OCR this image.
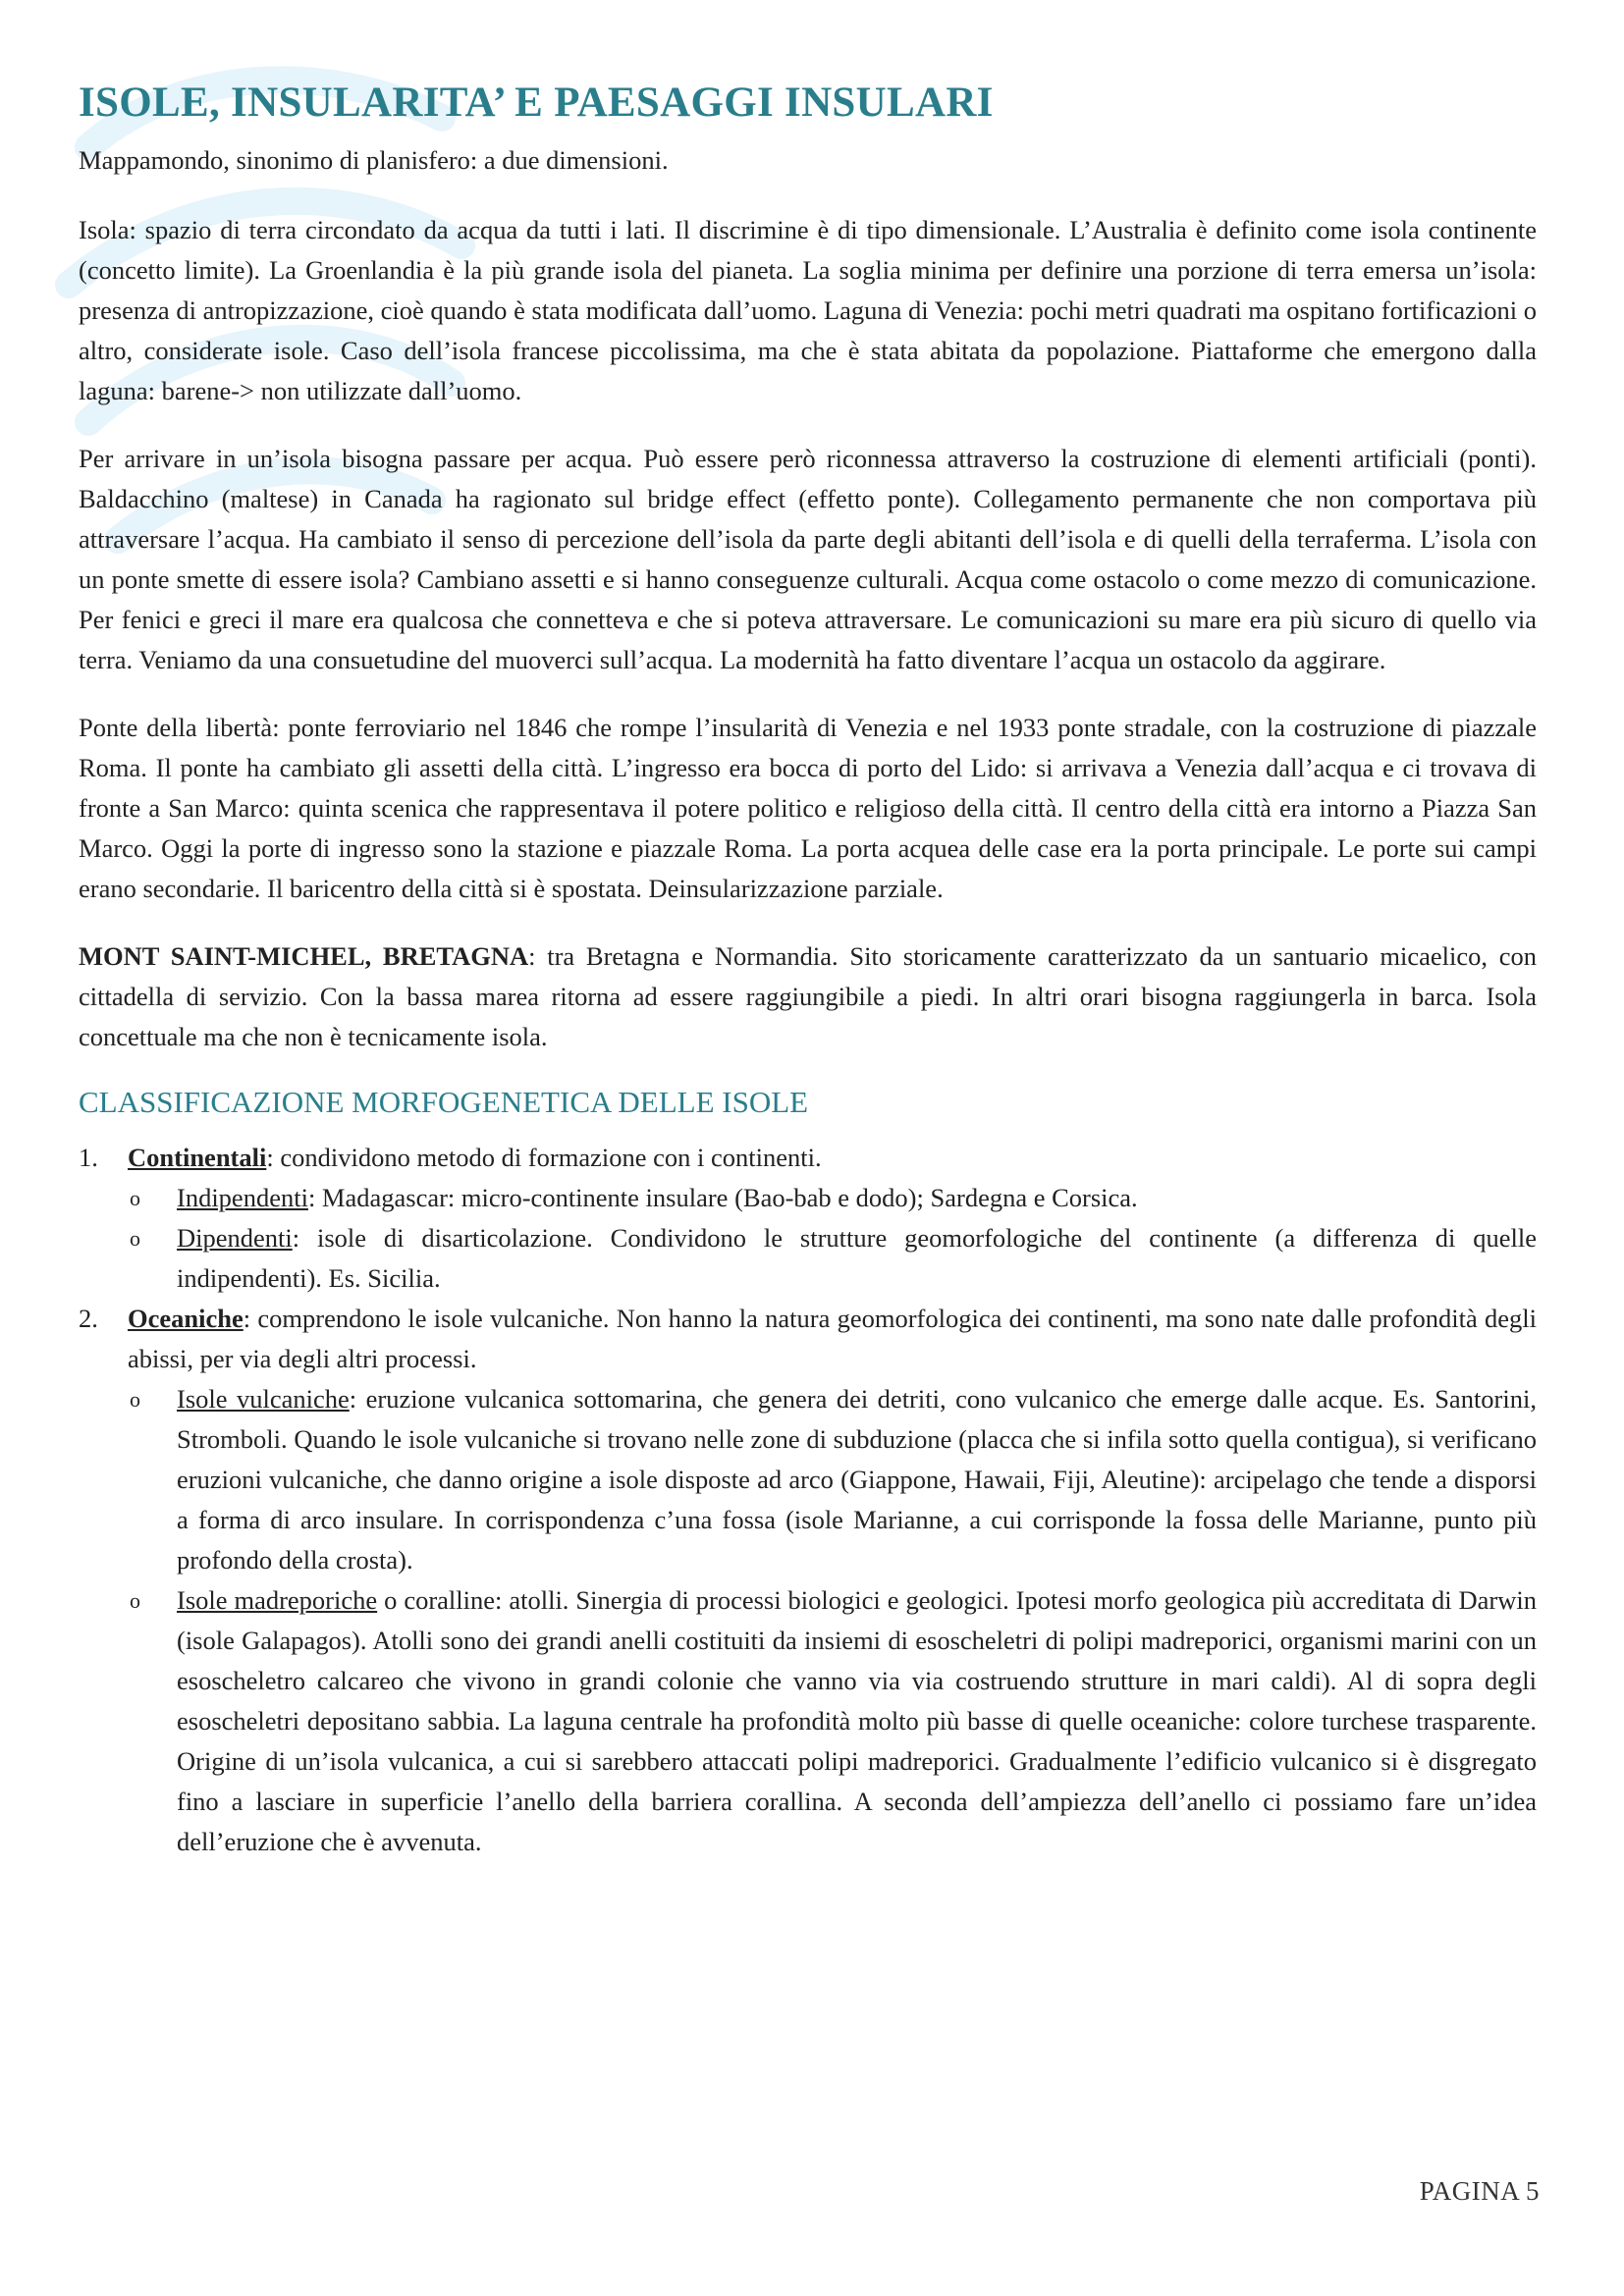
ISOLE, INSULARITA’ E PAESAGGI INSULARI

Mappamondo, sinonimo di planisfero: a due dimensioni.

Isola: spazio di terra circondato da acqua da tutti i lati. Il discrimine è di tipo dimensionale. L’Australia è definito come isola continente (concetto limite). La Groenlandia è la più grande isola del pianeta. La soglia minima per definire una porzione di terra emersa un’isola: presenza di antropizzazione, cioè quando è stata modificata dall’uomo. Laguna di Venezia: pochi metri quadrati ma ospitano fortificazioni o altro, considerate isole. Caso dell’isola francese piccolissima, ma che è stata abitata da popolazione. Piattaforme che emergono dalla laguna: barene-> non utilizzate dall’uomo.

Per arrivare in un’isola bisogna passare per acqua. Può essere però riconnessa attraverso la costruzione di elementi artificiali (ponti). Baldacchino (maltese) in Canada ha ragionato sul bridge effect (effetto ponte). Collegamento permanente che non comportava più attraversare l’acqua. Ha cambiato il senso di percezione dell’isola da parte degli abitanti dell’isola e di quelli della terraferma. L’isola con un ponte smette di essere isola? Cambiano assetti e si hanno conseguenze culturali. Acqua come ostacolo o come mezzo di comunicazione. Per fenici e greci il mare era qualcosa che connetteva e che si poteva attraversare. Le comunicazioni su mare era più sicuro di quello via terra. Veniamo da una consuetudine del muoverci sull’acqua. La modernità ha fatto diventare l’acqua un ostacolo da aggirare.

Ponte della libertà: ponte ferroviario nel 1846 che rompe l’insularità di Venezia e nel 1933 ponte stradale, con la costruzione di piazzale Roma. Il ponte ha cambiato gli assetti della città. L’ingresso era bocca di porto del Lido: si arrivava a Venezia dall’acqua e ci trovava di fronte a San Marco: quinta scenica che rappresentava il potere politico e religioso della città. Il centro della città era intorno a Piazza San Marco. Oggi la porte di ingresso sono la stazione e piazzale Roma. La porta acquea delle case era la porta principale. Le porte sui campi erano secondarie. Il baricentro della città si è spostata. Deinsularizzazione parziale.

MONT SAINT-MICHEL, BRETAGNA: tra Bretagna e Normandia. Sito storicamente caratterizzato da un santuario micaelico, con cittadella di servizio. Con la bassa marea ritorna ad essere raggiungibile a piedi. In altri orari bisogna raggiungerla in barca. Isola concettuale ma che non è tecnicamente isola.

CLASSIFICAZIONE MORFOGENETICA DELLE ISOLE
1. Continentali: condividono metodo di formazione con i continenti.
o Indipendenti: Madagascar: micro-continente insulare (Bao-bab e dodo); Sardegna e Corsica.
o Dipendenti: isole di disarticolazione. Condividono le strutture geomorfologiche del continente (a differenza di quelle indipendenti). Es. Sicilia.
2. Oceaniche: comprendono le isole vulcaniche. Non hanno la natura geomorfologica dei continenti, ma sono nate dalle profondità degli abissi, per via degli altri processi.
o Isole vulcaniche: eruzione vulcanica sottomarina, che genera dei detriti, cono vulcanico che emerge dalle acque. Es. Santorini, Stromboli. Quando le isole vulcaniche si trovano nelle zone di subduzione (placca che si infila sotto quella contigua), si verificano eruzioni vulcaniche, che danno origine a isole disposte ad arco (Giappone, Hawaii, Fiji, Aleutine): arcipelago che tende a disporsi a forma di arco insulare. In corrispondenza c’una fossa (isole Marianne, a cui corrisponde la fossa delle Marianne, punto più profondo della crosta).
o Isole madreporiche o coralline: atolli. Sinergia di processi biologici e geologici. Ipotesi morfo geologica più accreditata di Darwin (isole Galapagos). Atolli sono dei grandi anelli costituiti da insiemi di esoscheletri di polipi madreporici, organismi marini con un esoscheletro calcareo che vivono in grandi colonie che vanno via via costruendo strutture in mari caldi). Al di sopra degli esoscheletri depositano sabbia. La laguna centrale ha profondità molto più basse di quelle oceaniche: colore turchese trasparente. Origine di un’isola vulcanica, a cui si sarebbero attaccati polipi madreporici. Gradualmente l’edificio vulcanico si è disgregato fino a lasciare in superficie l’anello della barriera corallina. A seconda dell’ampiezza dell’anello ci possiamo fare un’idea dell’eruzione che è avvenuta.
PAGINA 5
